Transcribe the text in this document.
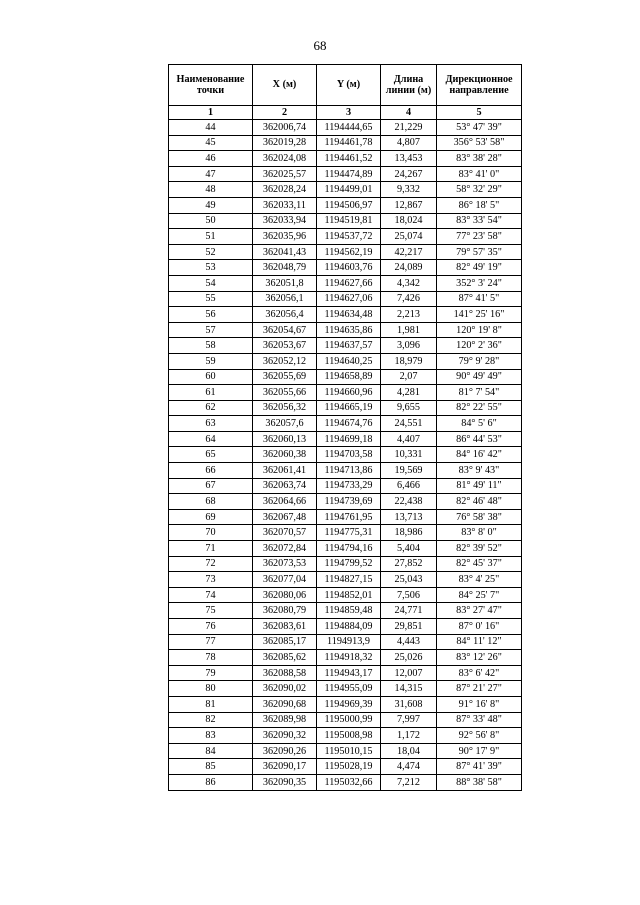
68
Наименование точки	X (м)	Y (м)	Длина линии (м)	Дирекционное направление
1	2	3	4	5
44	362006,74	1194444,65	21,229	53° 47' 39"
45	362019,28	1194461,78	4,807	356° 53' 58"
46	362024,08	1194461,52	13,453	83° 38' 28"
47	362025,57	1194474,89	24,267	83° 41' 0"
48	362028,24	1194499,01	9,332	58° 32' 29"
49	362033,11	1194506,97	12,867	86° 18' 5"
50	362033,94	1194519,81	18,024	83° 33' 54"
51	362035,96	1194537,72	25,074	77° 23' 58"
52	362041,43	1194562,19	42,217	79° 57' 35"
53	362048,79	1194603,76	24,089	82° 49' 19"
54	362051,8	1194627,66	4,342	352° 3' 24"
55	362056,1	1194627,06	7,426	87° 41' 5"
56	362056,4	1194634,48	2,213	141° 25' 16"
57	362054,67	1194635,86	1,981	120° 19' 8"
58	362053,67	1194637,57	3,096	120° 2' 36"
59	362052,12	1194640,25	18,979	79° 9' 28"
60	362055,69	1194658,89	2,07	90° 49' 49"
61	362055,66	1194660,96	4,281	81° 7' 54"
62	362056,32	1194665,19	9,655	82° 22' 55"
63	362057,6	1194674,76	24,551	84° 5' 6"
64	362060,13	1194699,18	4,407	86° 44' 53"
65	362060,38	1194703,58	10,331	84° 16' 42"
66	362061,41	1194713,86	19,569	83° 9' 43"
67	362063,74	1194733,29	6,466	81° 49' 11"
68	362064,66	1194739,69	22,438	82° 46' 48"
69	362067,48	1194761,95	13,713	76° 58' 38"
70	362070,57	1194775,31	18,986	83° 8' 0"
71	362072,84	1194794,16	5,404	82° 39' 52"
72	362073,53	1194799,52	27,852	82° 45' 37"
73	362077,04	1194827,15	25,043	83° 4' 25"
74	362080,06	1194852,01	7,506	84° 25' 7"
75	362080,79	1194859,48	24,771	83° 27' 47"
76	362083,61	1194884,09	29,851	87° 0' 16"
77	362085,17	1194913,9	4,443	84° 11' 12"
78	362085,62	1194918,32	25,026	83° 12' 26"
79	362088,58	1194943,17	12,007	83° 6' 42"
80	362090,02	1194955,09	14,315	87° 21' 27"
81	362090,68	1194969,39	31,608	91° 16' 8"
82	362089,98	1195000,99	7,997	87° 33' 48"
83	362090,32	1195008,98	1,172	92° 56' 8"
84	362090,26	1195010,15	18,04	90° 17' 9"
85	362090,17	1195028,19	4,474	87° 41' 39"
86	362090,35	1195032,66	7,212	88° 38' 58"
